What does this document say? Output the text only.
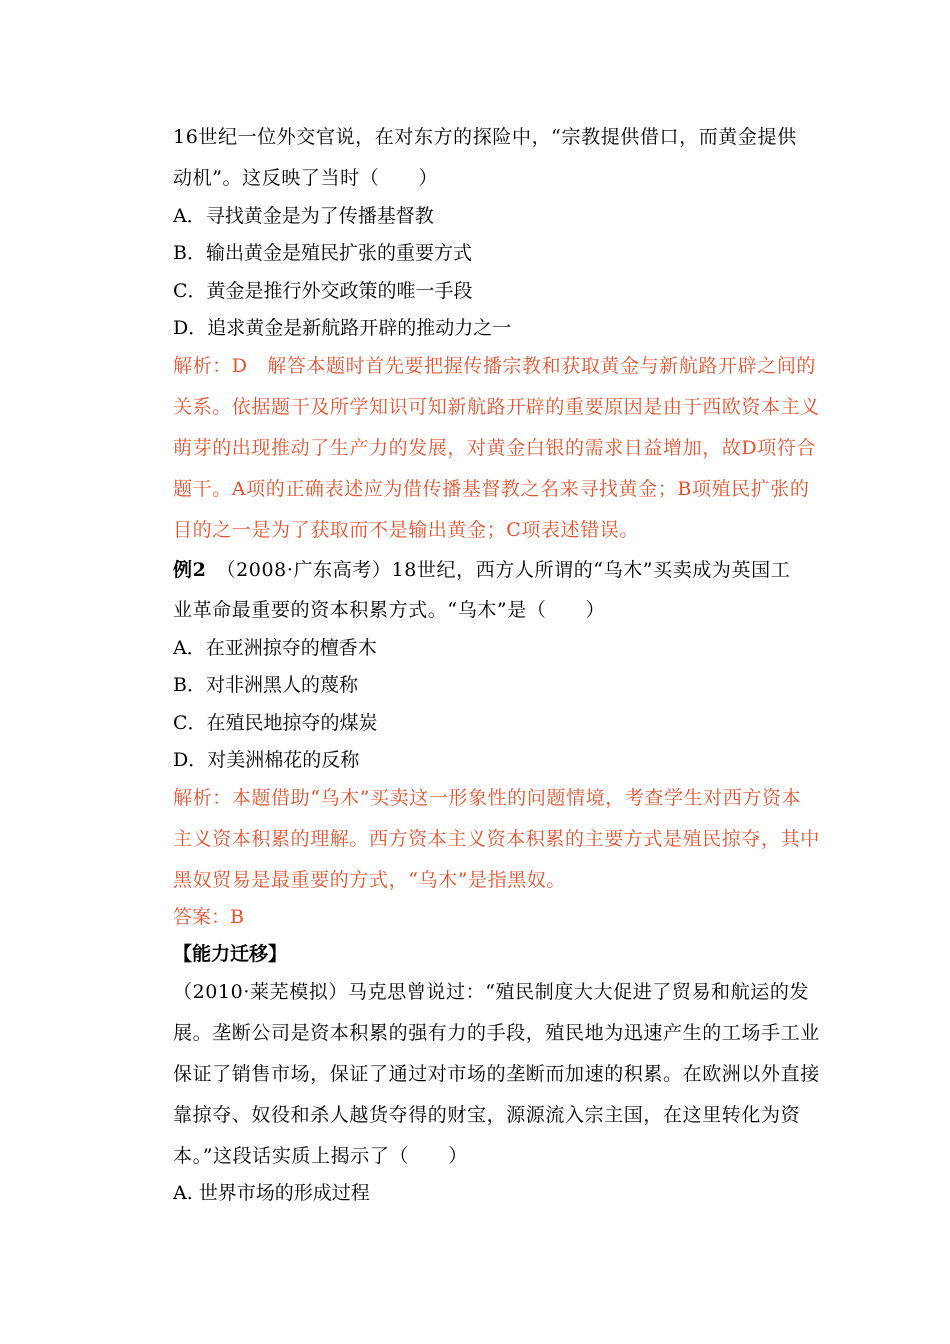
16世纪一位外交官说，在对东方的探险中，“宗教提供借口，而黄金提供
动机”。这反映了当时（　　）
A．寻找黄金是为了传播基督教
B．输出黄金是殖民扩张的重要方式
C．黄金是推行外交政策的唯一手段
D．追求黄金是新航路开辟的推动力之一
解析：D　解答本题时首先要把握传播宗教和获取黄金与新航路开辟之间的
关系。依据题干及所学知识可知新航路开辟的重要原因是由于西欧资本主义
萌芽的出现推动了生产力的发展，对黄金白银的需求日益增加，故D项符合
题干。A项的正确表述应为借传播基督教之名来寻找黄金；B项殖民扩张的
目的之一是为了获取而不是输出黄金；C项表述错误。
例2　（2008·广东高考）18世纪，西方人所谓的“乌木”买卖成为英国工
业革命最重要的资本积累方式。“乌木”是（　　）
A．在亚洲掠夺的檀香木
B．对非洲黑人的蔑称
C．在殖民地掠夺的煤炭
D．对美洲棉花的反称
解析：本题借助“乌木”买卖这一形象性的问题情境，考查学生对西方资本
主义资本积累的理解。西方资本主义资本积累的主要方式是殖民掠夺，其中
黑奴贸易是最重要的方式，“乌木”是指黑奴。
答案：B
【能力迁移】
（2010·莱芜模拟）马克思曾说过：“殖民制度大大促进了贸易和航运的发
展。垄断公司是资本积累的强有力的手段，殖民地为迅速产生的工场手工业
保证了销售市场，保证了通过对市场的垄断而加速的积累。在欧洲以外直接
靠掠夺、奴役和杀人越货夺得的财宝，源源流入宗主国，在这里转化为资
本。”这段话实质上揭示了（　　）
A. 世界市场的形成过程
